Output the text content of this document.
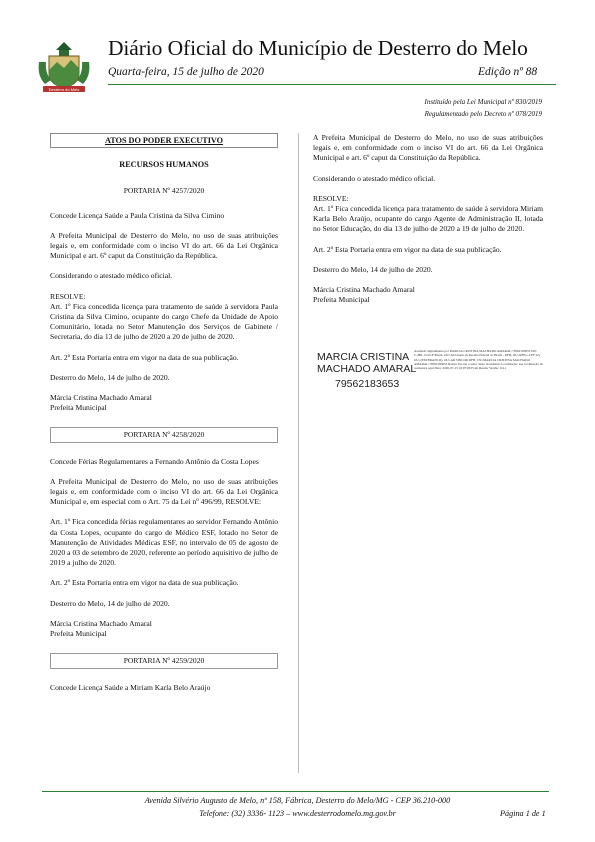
Desterro do Melo
Diário Oficial do Município de Desterro do Melo
Quarta-feira, 15 de julho de 2020	Edição nº 88
Instituído pela Lei Municipal nº 830/2019
Regulamentado pelo Decreto nº 078/2019
ATOS DO PODER EXECUTIVO
RECURSOS HUMANOS
PORTARIA Nº 4257/2020

Concede Licença Saúde a Paula Cristina da Silva Cimino

A Prefeita Municipal de Desterro do Melo, no uso de suas atribuições legais e, em conformidade com o inciso VI do art. 66 da Lei Orgânica Municipal e art. 6º caput da Constituição da República.

Considerando o atestado médico oficial.

RESOLVE:

Art. 1º Fica concedida licença para tratamento de saúde à servidora Paula Cristina da Silva Cimino, ocupante do cargo Chefe da Unidade de Apoio Comunitário, lotada no Setor Manutenção dos Serviços de Gabinete / Secretaria, do dia 13 de julho de 2020 a 20 de julho de 2020.

Art. 2º Esta Portaria entra em vigor na data de sua publicação.

Desterro do Melo, 14 de julho de 2020.

Márcia Cristina Machado Amaral

Prefeita Municipal

PORTARIA Nº 4258/2020

Concede Férias Regulamentares a Fernando Antônio da Costa Lopes

A Prefeita Municipal de Desterro do Melo, no uso de suas atribuições legais e, em conformidade com o inciso VI do art. 66 da Lei Orgânica Municipal e, em especial com o Art. 75 da Lei nº 496/99, RESOLVE:

Art. 1º Fica concedida férias regulamentares ao servidor Fernando Antônio da Costa Lopes, ocupante do cargo de Médico ESF, lotado no Setor de Manutenção de Atividades Médicas ESF, no intervalo de 05 de agosto de 2020 a 03 de setembro de 2020, referente ao período aquisitivo de julho de 2019 a julho de 2020.

Art. 2º Esta Portaria entra em vigor na data de sua publicação.

Desterro do Melo, 14 de julho de 2020.

Márcia Cristina Machado Amaral

Prefeita Municipal

PORTARIA Nº 4259/2020

Concede Licença Saúde a Miriam Karla Belo Araújo

A Prefeita Municipal de Desterro do Melo, no uso de suas atribuições legais e, em conformidade com o inciso VI do art. 66 da Lei Orgânica Municipal e art. 6º caput da Constituição da República.

Considerando o atestado médico oficial.

RESOLVE:

Art. 1º Fica concedida licença para tratamento de saúde à servidora Miriam Karla Belo Araújo, ocupante do cargo Agente de Administração II, lotada no Setor Educação, do dia 13 de julho de 2020 a 19 de julho de 2020.

Art. 2º Esta Portaria entra em vigor na data de sua publicação.

Desterro do Melo, 14 de julho de 2020.

Márcia Cristina Machado Amaral

Prefeita Municipal

MARCIA CRISTINA
MACHADO AMARAL
79562183653
Assinado digitalmente por MARCIA CRISTINA MACHADO AMARAL:79562183653 DN: C=BR, O=ICP-Brasil, OU=Secretaria da Receita Federal do Brasil - RFB, OU=RFB e-CPF A3, OU=(EM BRANCO), OU=AR SINCOR RFB, CN=MARCIA CRISTINA MACHADO AMARAL:79562183653 Razão: Eu sou o autor deste documento Localização: sua localização de assinatura aqui Data: 2020-07-15 10:07:09 Foxit Reader Versão: 9.4.1
Avenida Silvério Augusto de Melo, nº 158, Fábrica, Desterro do Melo/MG - CEP 36.210-000
Telefone: (32) 3336- 1123 – www.desterrodomelo.mg.gov.br	Página 1 de 1
